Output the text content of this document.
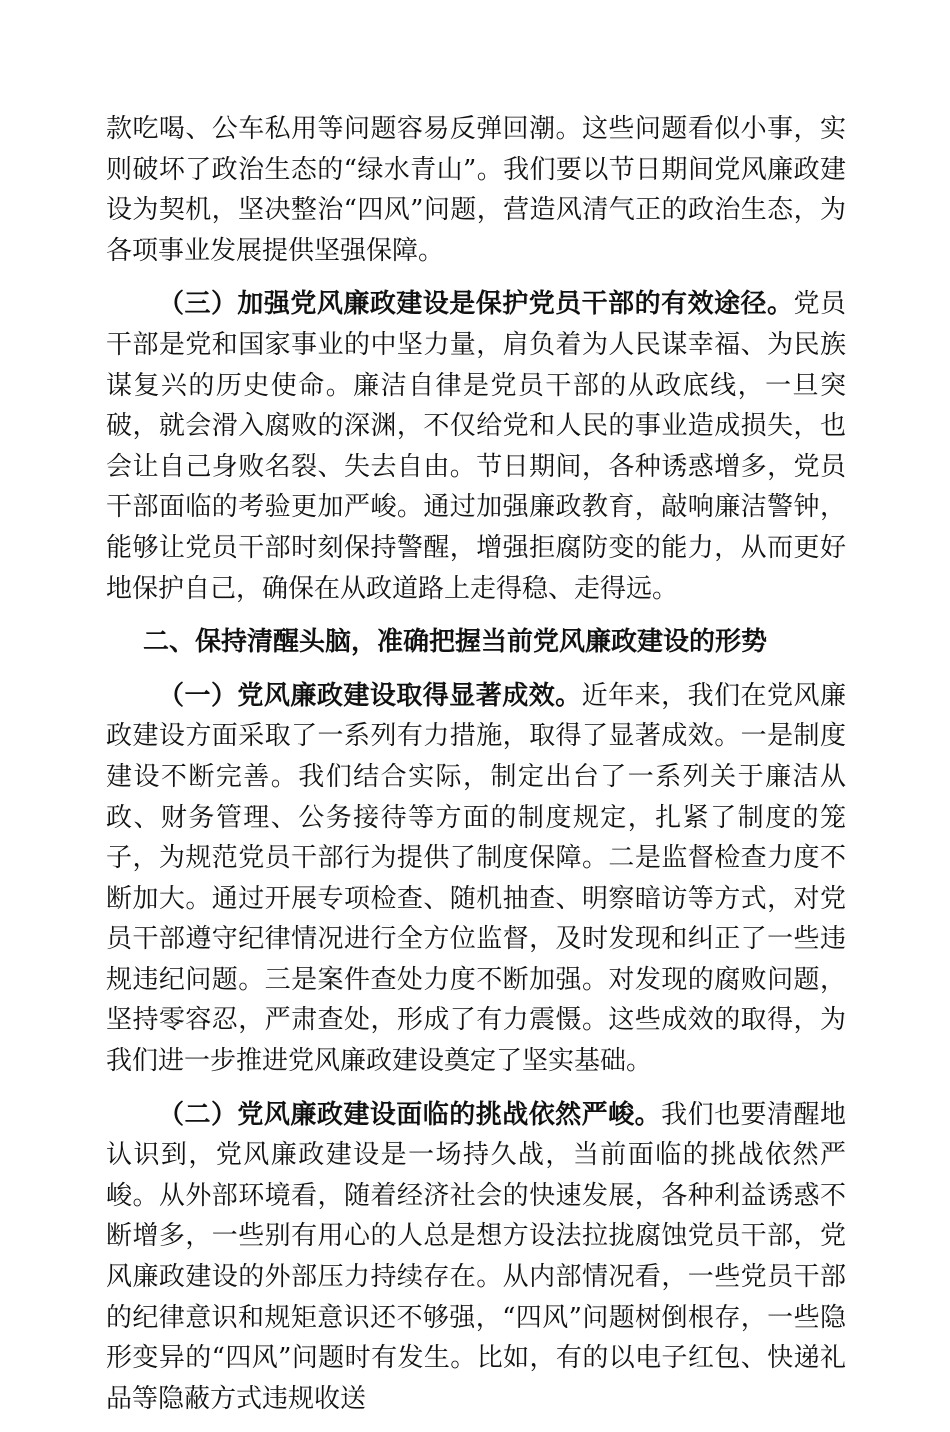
款吃喝、公车私用等问题容易反弹回潮。这些问题看似小事，实则破坏了政治生态的“绿水青山”。我们要以节日期间党风廉政建设为契机，坚决整治“四风”问题，营造风清气正的政治生态，为各项事业发展提供坚强保障。

（三）加强党风廉政建设是保护党员干部的有效途径。党员干部是党和国家事业的中坚力量，肩负着为人民谋幸福、为民族谋复兴的历史使命。廉洁自律是党员干部的从政底线，一旦突破，就会滑入腐败的深渊，不仅给党和人民的事业造成损失，也会让自己身败名裂、失去自由。节日期间，各种诱惑增多，党员干部面临的考验更加严峻。通过加强廉政教育，敲响廉洁警钟，能够让党员干部时刻保持警醒，增强拒腐防变的能力，从而更好地保护自己，确保在从政道路上走得稳、走得远。

二、保持清醒头脑，准确把握当前党风廉政建设的形势

（一）党风廉政建设取得显著成效。近年来，我们在党风廉政建设方面采取了一系列有力措施，取得了显著成效。一是制度建设不断完善。我们结合实际，制定出台了一系列关于廉洁从政、财务管理、公务接待等方面的制度规定，扎紧了制度的笼子，为规范党员干部行为提供了制度保障。二是监督检查力度不断加大。通过开展专项检查、随机抽查、明察暗访等方式，对党员干部遵守纪律情况进行全方位监督，及时发现和纠正了一些违规违纪问题。三是案件查处力度不断加强。对发现的腐败问题，坚持零容忍，严肃查处，形成了有力震慑。这些成效的取得，为我们进一步推进党风廉政建设奠定了坚实基础。

（二）党风廉政建设面临的挑战依然严峻。我们也要清醒地认识到，党风廉政建设是一场持久战，当前面临的挑战依然严峻。从外部环境看，随着经济社会的快速发展，各种利益诱惑不断增多，一些别有用心的人总是想方设法拉拢腐蚀党员干部，党风廉政建设的外部压力持续存在。从内部情况看，一些党员干部的纪律意识和规矩意识还不够强，“四风”问题树倒根存，一些隐形变异的“四风”问题时有发生。比如，有的以电子红包、快递礼品等隐蔽方式违规收送
